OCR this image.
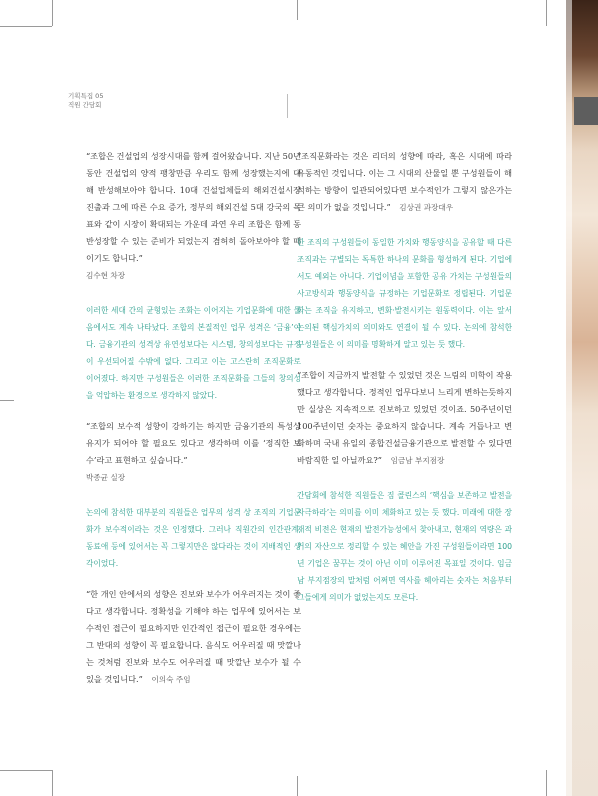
기획특집 05
직원 간담회

“조합은 건설업의 성장시대를 함께 걸어왔습니다. 지난 50년 동안 건설업의 양적 팽창만큼 우리도 함께 성장했는지에 대해 반성해보아야 합니다. 10대 건설업체들의 해외건설시장 진출과 그에 따른 수요 증가, 정부의 해외건설 5대 강국의 목표와 같이 시장이 확대되는 가운데 과연 우리 조합은 함께 동반성장할 수 있는 준비가 되었는지 겸허히 돌아보아야 할 때이기도 합니다.”

김수현 차장

이러한 세대 간의 균형있는 조화는 이어지는 기업문화에 대한 물음에서도 계속 나타났다. 조합의 본질적인 업무 성격은 ‘금융’이다. 금융기관의 성격상 유연성보다는 시스템, 창의성보다는 규정이 우선되어질 수밖에 없다. 그리고 이는 고스란히 조직문화로 이어졌다. 하지만 구성원들은 이러한 조직문화를 그들의 창의성을 억압하는 환경으로 생각하지 않았다.

“조합의 보수적 성향이 강하기는 하지만 금융기관의 특성상 유지가 되어야 할 필요도 있다고 생각하며 이를 ‘정직한 보수’라고 표현하고 싶습니다.”

박종균 실장

논의에 참석한 대부분의 직원들은 업무의 성격 상 조직의 기업문화가 보수적이라는 것은 인정했다. 그러나 직원간의 인간관계, 동료애 등에 있어서는 꼭 그렇지만은 않다라는 것이 지배적인 생각이었다.

“한 개인 안에서의 성향은 진보와 보수가 어우러지는 것이 좋다고 생각합니다. 정확성을 기해야 하는 업무에 있어서는 보수적인 접근이 필요하지만 인간적인 접근이 필요한 경우에는 그 반대의 성향이 꼭 필요합니다. 음식도 어우러질 때 맛깔나는 것처럼 진보와 보수도 어우러질 때 맛깔난 보수가 될 수 있을 것입니다.” 이의숙 주임

“조직문화라는 것은 리더의 성향에 따라, 혹은 시대에 따라 유동적인 것입니다. 이는 그 시대의 산물일 뿐 구성원들이 해석하는 방향이 일관되어있다면 보수적인가 그렇지 않은가는 큰 의미가 없을 것입니다.” 김상권 과장대우

한 조직의 구성원들이 동일한 가치와 행동양식을 공유할 때 다른 조직과는 구별되는 독특한 하나의 문화를 형성하게 된다. 기업에서도 예외는 아니다. 기업이념을 포함한 공유 가치는 구성원들의 사고방식과 행동양식을 규정하는 기업문화로 정립된다. 기업문화는 조직을 유지하고, 변화·발전시키는 원동력이다. 이는 앞서 논의된 핵심가치의 의미와도 연결이 될 수 있다. 논의에 참석한 구성원들은 이 의미를 명확하게 알고 있는 듯 했다.

“조합이 지금까지 발전할 수 있었던 것은 느림의 미학이 작용했다고 생각합니다. 정적인 업무다보니 느리게 변하는듯하지만 실상은 지속적으로 진보하고 있었던 것이죠. 50주년이던 100주년이던 숫자는 중요하지 않습니다. 계속 거듭나고 변화하며 국내 유일의 종합건설금융기관으로 발전할 수 있다면 바람직한 일 아닐까요?” 임금남 부지점장

간담회에 참석한 직원들은 짐 콜린스의 ‘핵심을 보존하고 발전을 자극하라’는 의미를 이미 체화하고 있는 듯 했다. 미래에 대한 장재적 비전은 현재의 발전가능성에서 찾아내고, 현재의 역량은 과거의 자산으로 정리할 수 있는 혜안을 가진 구성원들이라면 100년 기업은 꿈꾸는 것이 아닌 이미 이루어진 목표일 것이다. 임금남 부지점장의 말처럼 어쩌면 역사를 헤아리는 숫자는 처음부터 그들에게 의미가 없었는지도 모른다.
